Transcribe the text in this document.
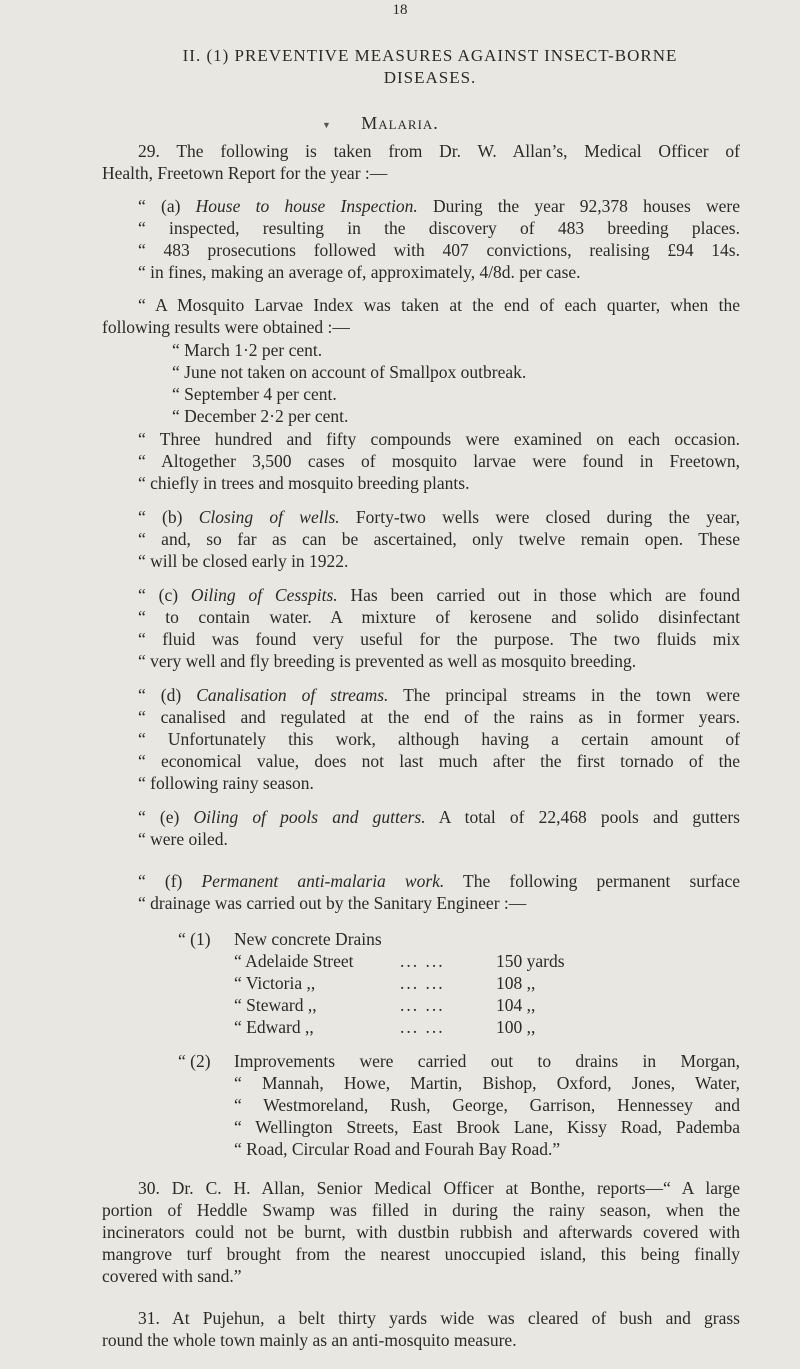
18
II. (1) PREVENTIVE MEASURES AGAINST INSECT-BORNE
DISEASES.
▼	Malaria.
29. The following is taken from Dr. W. Allan’s, Medical Officer of
Health, Freetown Report for the year :—
“ (a) House to house Inspection. During the year 92,378 houses were
“ inspected, resulting in the discovery of 483 breeding places.
“ 483 prosecutions followed with 407 convictions, realising £94 14s.
“ in fines, making an average of, approximately, 4/8d. per case.
“ A Mosquito Larvae Index was taken at the end of each quarter, when the
following results were obtained :—
“ March 1·2 per cent.
“ June not taken on account of Smallpox outbreak.
“ September 4 per cent.
“ December 2·2 per cent.
“ Three hundred and fifty compounds were examined on each occasion.
“ Altogether 3,500 cases of mosquito larvae were found in Freetown,
“ chiefly in trees and mosquito breeding plants.
“ (b) Closing of wells. Forty-two wells were closed during the year,
“ and, so far as can be ascertained, only twelve remain open. These
“ will be closed early in 1922.
“ (c) Oiling of Cesspits. Has been carried out in those which are found
“ to contain water. A mixture of kerosene and solido disinfectant
“ fluid was found very useful for the purpose. The two fluids mix
“ very well and fly breeding is prevented as well as mosquito breeding.
“ (d) Canalisation of streams. The principal streams in the town were
“ canalised and regulated at the end of the rains as in former years.
“ Unfortunately this work, although having a certain amount of
“ economical value, does not last much after the first tornado of the
“ following rainy season.
“ (e) Oiling of pools and gutters. A total of 22,468 pools and gutters
“ were oiled.
“ (f) Permanent anti-malaria work. The following permanent surface
“ drainage was carried out by the Sanitary Engineer :—
“ (1)	New concrete Drains
“ Adelaide Street	... ...	150 yards
“ Victoria ,,	... ...	108 ,,
“ Steward ,,	... ...	104 ,,
“ Edward ,,	... ...	100 ,,
“ (2)	Improvements were carried out to drains in Morgan,
“ Mannah, Howe, Martin, Bishop, Oxford, Jones, Water,
“ Westmoreland, Rush, George, Garrison, Hennessey and
“ Wellington Streets, East Brook Lane, Kissy Road, Pademba
“ Road, Circular Road and Fourah Bay Road.”
30. Dr. C. H. Allan, Senior Medical Officer at Bonthe, reports—“ A large
portion of Heddle Swamp was filled in during the rainy season, when the
incinerators could not be burnt, with dustbin rubbish and afterwards covered with
mangrove turf brought from the nearest unoccupied island, this being finally
covered with sand.”
31. At Pujehun, a belt thirty yards wide was cleared of bush and grass
round the whole town mainly as an anti-mosquito measure.
